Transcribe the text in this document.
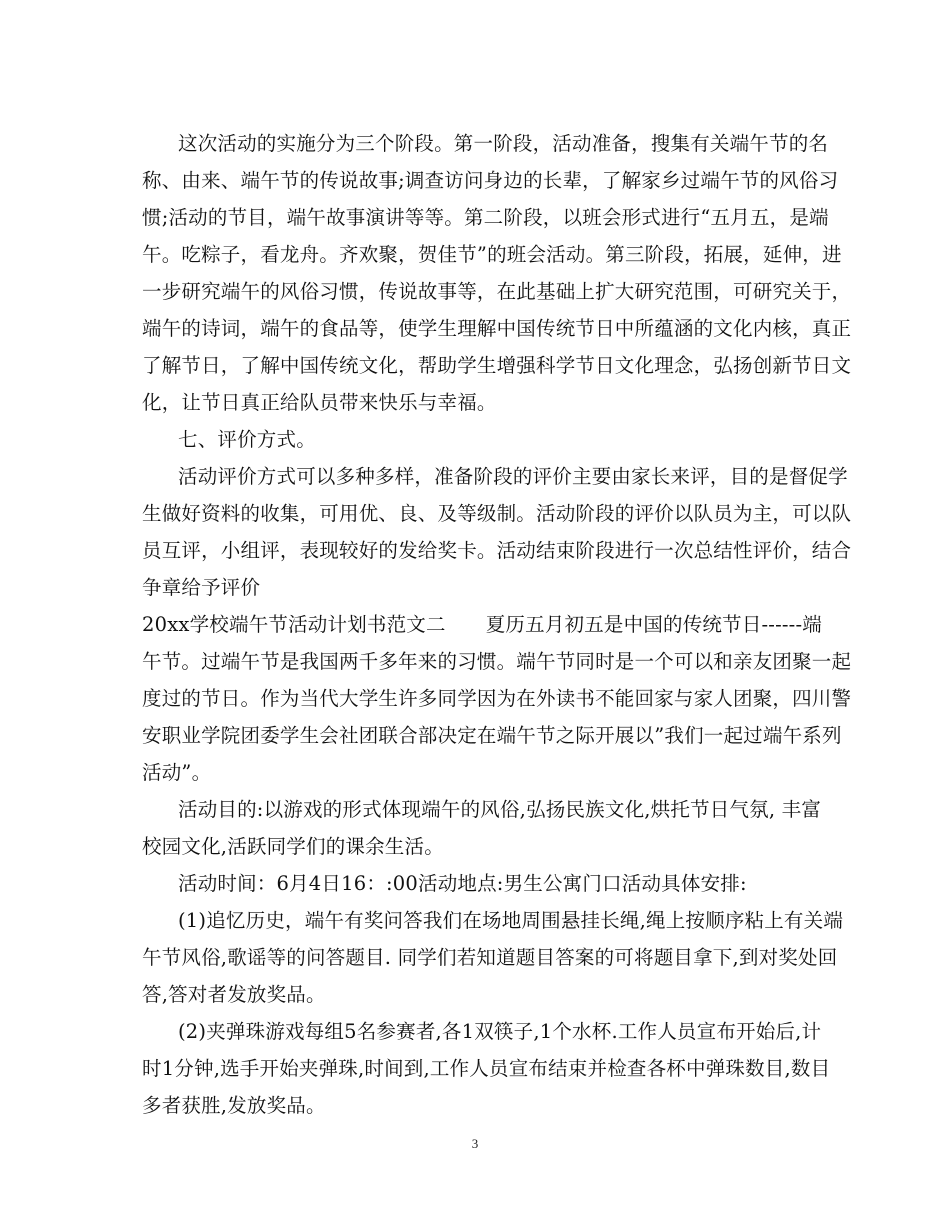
这次活动的实施分为三个阶段。第一阶段，活动准备，搜集有关端午节的名
称、由来、端午节的传说故事;调查访问身边的长辈，了解家乡过端午节的风俗习
惯;活动的节目，端午故事演讲等等。第二阶段，以班会形式进行“五月五，是端
午。吃粽子，看龙舟。齐欢聚，贺佳节”的班会活动。第三阶段，拓展，延伸，进
一步研究端午的风俗习惯，传说故事等，在此基础上扩大研究范围，可研究关于，
端午的诗词，端午的食品等，使学生理解中国传统节日中所蕴涵的文化内核，真正
了解节日，了解中国传统文化，帮助学生增强科学节日文化理念，弘扬创新节日文
化，让节日真正给队员带来快乐与幸福。
七、评价方式。
活动评价方式可以多种多样，准备阶段的评价主要由家长来评，目的是督促学
生做好资料的收集，可用优、良、及等级制。活动阶段的评价以队员为主，可以队
员互评，小组评，表现较好的发给奖卡。活动结束阶段进行一次总结性评价，结合
争章给予评价
20xx学校端午节活动计划书范文二 夏历五月初五是中国的传统节日------端
午节。过端午节是我国两千多年来的习惯。端午节同时是一个可以和亲友团聚一起
度过的节日。作为当代大学生许多同学因为在外读书不能回家与家人团聚，四川警
安职业学院团委学生会社团联合部决定在端午节之际开展以”我们一起过端午系列
活动”。
活动目的:以游戏的形式体现端午的风俗,弘扬民族文化,烘托节日气氛, 丰富
校园文化,活跃同学们的课余生活。
活动时间：6月4日16：:00活动地点:男生公寓门口活动具体安排:
(1)追忆历史，端午有奖问答我们在场地周围悬挂长绳,绳上按顺序粘上有关端
午节风俗,歌谣等的问答题目. 同学们若知道题目答案的可将题目拿下,到对奖处回
答,答对者发放奖品。
(2)夹弹珠游戏每组5名参赛者,各1双筷子,1个水杯.工作人员宣布开始后,计
时1分钟,选手开始夹弹珠,时间到,工作人员宣布结束并检查各杯中弹珠数目,数目
多者获胜,发放奖品。
3
